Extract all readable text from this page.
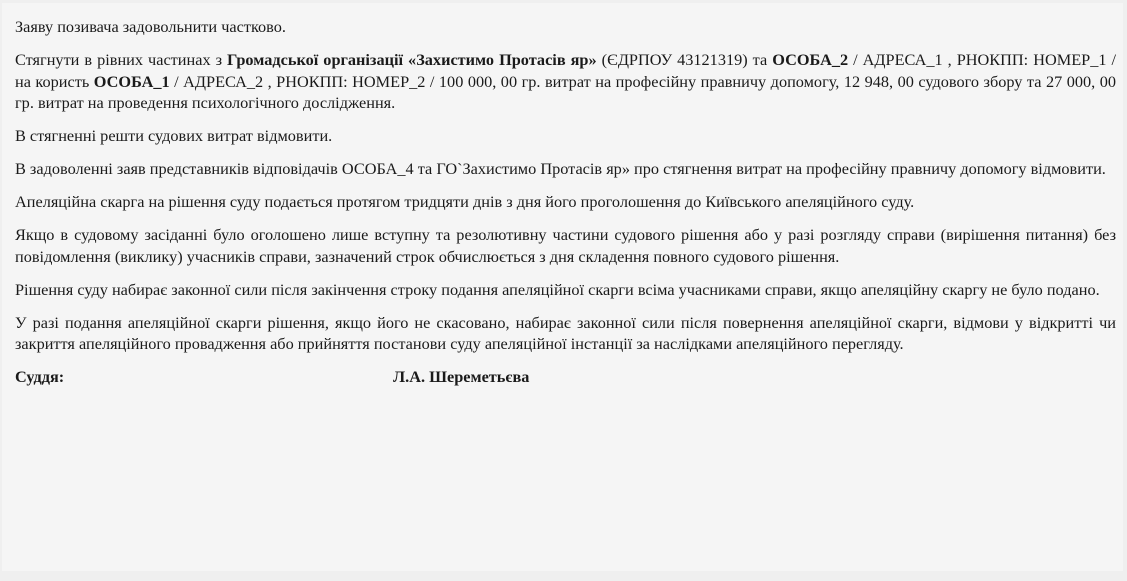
Заяву позивача задовольнити частково.

Стягнути в рівних частинах з Громадської організації «Захистимо Протасів яр» (ЄДРПОУ 43121319) та ОСОБА_2 / АДРЕСА_1 , РНОКПП: НОМЕР_1 / на користь ОСОБА_1 / АДРЕСА_2 , РНОКПП: НОМЕР_2 / 100 000, 00 гр. витрат на професійну правничу допомогу, 12 948, 00 судового збору та 27 000, 00 гр. витрат на проведення психологічного дослідження.

В стягненні решти судових витрат відмовити.

В задоволенні заяв представників відповідачів ОСОБА_4 та ГО`Захистимо Протасів яр» про стягнення витрат на професійну правничу допомогу відмовити.

Апеляційна скарга на рішення суду подається протягом тридцяти днів з дня його проголошення до Київського апеляційного суду.

Якщо в судовому засіданні було оголошено лише вступну та резолютивну частини судового рішення або у разі розгляду справи (вирішення питання) без повідомлення (виклику) учасників справи, зазначений строк обчислюється з дня складення повного судового рішення.

Рішення суду набирає законної сили після закінчення строку подання апеляційної скарги всіма учасниками справи, якщо апеляційну скаргу не було подано.

У разі подання апеляційної скарги рішення, якщо його не скасовано, набирає законної сили після повернення апеляційної скарги, відмови у відкритті чи закриття апеляційного провадження або прийняття постанови суду апеляційної інстанції за наслідками апеляційного перегляду.

Суддя:	Л.А. Шереметьєва
